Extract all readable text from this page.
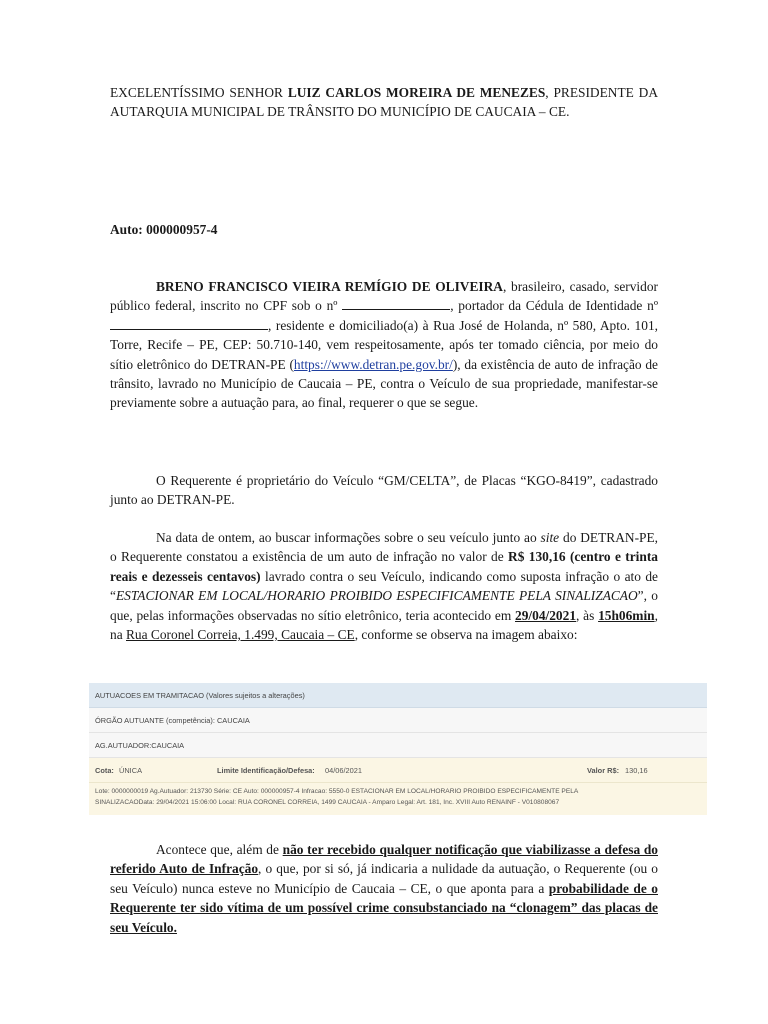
EXCELENTÍSSIMO SENHOR LUIZ CARLOS MOREIRA DE MENEZES, PRESIDENTE DA AUTARQUIA MUNICIPAL DE TRÂNSITO DO MUNICÍPIO DE CAUCAIA – CE.

Auto: 000000957-4

BRENO FRANCISCO VIEIRA REMÍGIO DE OLIVEIRA, brasileiro, casado, servidor público federal, inscrito no CPF sob o nº	, portador da Cédula de Identidade nº , residente e domiciliado(a) à Rua José de Holanda, nº 580, Apto. 101, Torre, Recife – PE, CEP: 50.710-140, vem respeitosamente, após ter tomado ciência, por meio do sítio eletrônico do DETRAN-PE (https://www.detran.pe.gov.br/), da existência de auto de infração de trânsito, lavrado no Município de Caucaia – PE, contra o Veículo de sua propriedade, manifestar-se previamente sobre a autuação para, ao final, requerer o que se segue.

O Requerente é proprietário do Veículo “GM/CELTA”, de Placas “KGO-8419”, cadastrado junto ao DETRAN-PE.

Na data de ontem, ao buscar informações sobre o seu veículo junto ao site do DETRAN-PE, o Requerente constatou a existência de um auto de infração no valor de R$ 130,16 (centro e trinta reais e dezesseis centavos) lavrado contra o seu Veículo, indicando como suposta infração o ato de “ESTACIONAR EM LOCAL/HORARIO PROIBIDO ESPECIFICAMENTE PELA SINALIZACAO”, o que, pelas informações observadas no sítio eletrônico, teria acontecido em 29/04/2021, às 15h06min, na Rua Coronel Correia, 1.499, Caucaia – CE, conforme se observa na imagem abaixo:

AUTUACOES EM TRAMITACAO (Valores sujeitos a alterações)
ÓRGÃO AUTUANTE (competência): CAUCAIA
AG.AUTUADOR:CAUCAIA
Cota: ÚNICA	Limite Identificação/Defesa: 04/06/2021	Valor R$: 130,16
Lote: 0000000019 Ag.Autuador: 213730 Série: CE Auto: 000000957-4 Infracao: 5550-0 ESTACIONAR EM LOCAL/HORARIO PROIBIDO ESPECIFICAMENTE PELA
SINALIZACAOData: 29/04/2021 15:06:00 Local: RUA CORONEL CORREIA, 1499 CAUCAIA - Amparo Legal: Art. 181, Inc. XVIII Auto RENAINF - V010808067

Acontece que, além de não ter recebido qualquer notificação que viabilizasse a defesa do referido Auto de Infração, o que, por si só, já indicaria a nulidade da autuação, o Requerente (ou o seu Veículo) nunca esteve no Município de Caucaia – CE, o que aponta para a probabilidade de o Requerente ter sido vítima de um possível crime consubstanciado na “clonagem” das placas de seu Veículo.
